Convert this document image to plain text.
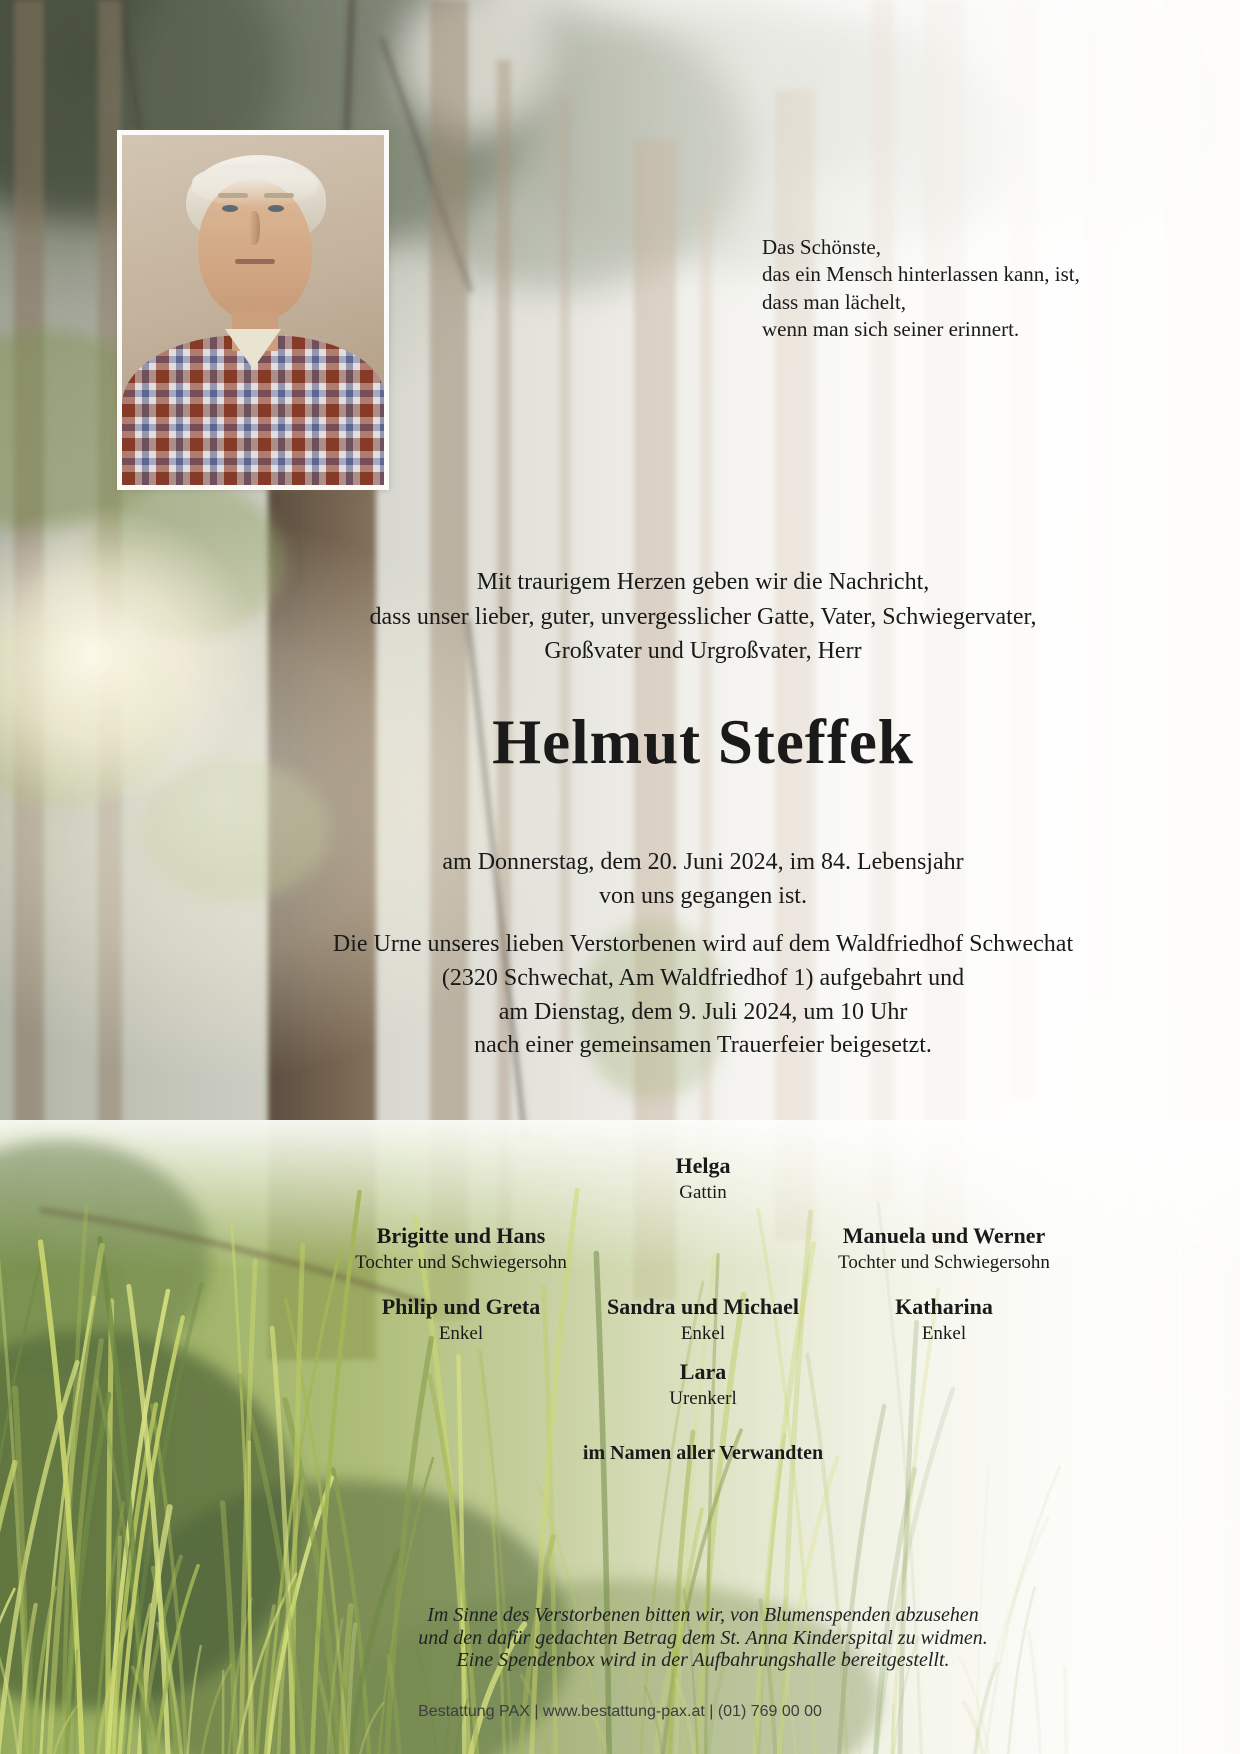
Das Schönste,
das ein Mensch hinterlassen kann, ist,
dass man lächelt,
wenn man sich seiner erinnert.
Mit traurigem Herzen geben wir die Nachricht,
dass unser lieber, guter, unvergesslicher Gatte, Vater, Schwiegervater,
Großvater und Urgroßvater, Herr
Helmut Steffek
am Donnerstag, dem 20. Juni 2024, im 84. Lebensjahr
von uns gegangen ist.
Die Urne unseres lieben Verstorbenen wird auf dem Waldfriedhof Schwechat
(2320 Schwechat, Am Waldfriedhof 1) aufgebahrt und
am Dienstag, dem 9. Juli 2024, um 10 Uhr
nach einer gemeinsamen Trauerfeier beigesetzt.
Helga
Gattin
Brigitte und Hans
Tochter und Schwiegersohn
Manuela und Werner
Tochter und Schwiegersohn
Philip und Greta
Enkel
Sandra und Michael
Enkel
Katharina
Enkel
Lara
Urenkerl
im Namen aller Verwandten
Im Sinne des Verstorbenen bitten wir, von Blumenspenden abzusehen
und den dafür gedachten Betrag dem St. Anna Kinderspital zu widmen.
Eine Spendenbox wird in der Aufbahrungshalle bereitgestellt.
Bestattung PAX | www.bestattung-pax.at | (01) 769 00 00
